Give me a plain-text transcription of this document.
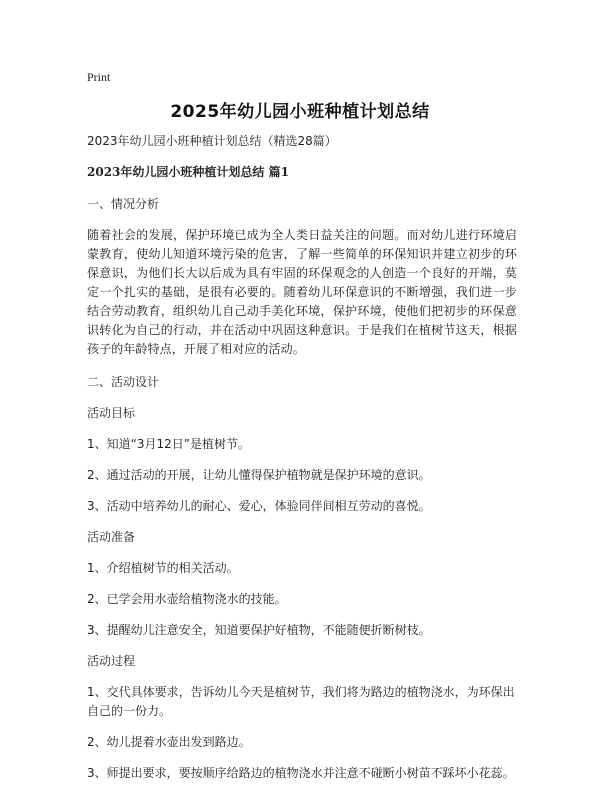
Print
2025年幼儿园小班种植计划总结
2023年幼儿园小班种植计划总结（精选28篇）
2023年幼儿园小班种植计划总结 篇1
一、情况分析
随着社会的发展，保护环境已成为全人类日益关注的问题。而对幼儿进行环境启蒙教育，使幼儿知道环境污染的危害，了解一些简单的环保知识并建立初步的环保意识，为他们长大以后成为具有牢固的环保观念的人创造一个良好的开端，莫定一个扎实的基础，是很有必要的。随着幼儿环保意识的不断增强，我们进一步结合劳动教育，组织幼儿自己动手美化环境，保护环境，使他们把初步的环保意识转化为自己的行动，并在活动中巩固这种意识。于是我们在植树节这天，根据孩子的年龄特点，开展了相对应的活动。
二、活动设计
活动目标
1、知道“3月12日”是植树节。
2、通过活动的开展，让幼儿懂得保护植物就是保护环境的意识。
3、活动中培养幼儿的耐心、爱心，体验同伴间相互劳动的喜悦。
活动准备
1、介绍植树节的相关活动。
2、已学会用水壶给植物浇水的技能。
3、提醒幼儿注意安全，知道要保护好植物，不能随便折断树枝。
活动过程
1、交代具体要求，告诉幼儿今天是植树节，我们将为路边的植物浇水，为环保出自己的一份力。
2、幼儿提着水壶出发到路边。
3、师提出要求，要按顺序给路边的植物浇水并注意不碰断小树苗不踩坏小花蕊。
